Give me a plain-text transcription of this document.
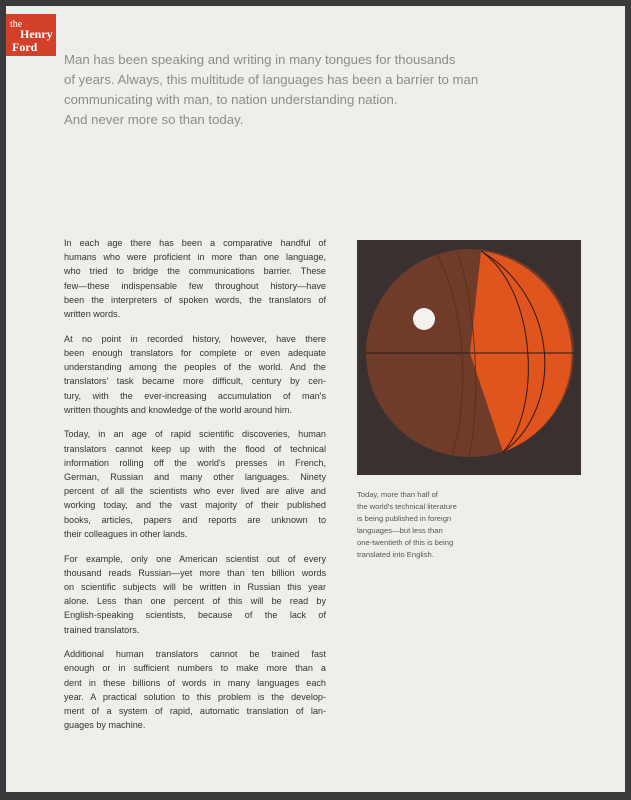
the
Henry
Ford

Man has been speaking and writing in many tongues for thousands
of years. Always, this multitude of languages has been a barrier to man
communicating with man, to nation understanding nation.
And never more so than today.

In each age there has been a comparative handful of
humans who were proficient in more than one language,
who tried to bridge the communications barrier. These
few—these indispensable few throughout history—have
been the interpreters of spoken words, the translators of
written words.

At no point in recorded history, however, have there
been enough translators for complete or even adequate
understanding among the peoples of the world. And the
translators' task became more difficult, century by cen-
tury, with the ever-increasing accumulation of man's
written thoughts and knowledge of the world around him.

Today, in an age of rapid scientific discoveries, human
translators cannot keep up with the flood of technical
information rolling off the world's presses in French,
German, Russian and many other languages. Ninety
percent of all the scientists who ever lived are alive and
working today, and the vast majority of their published
books, articles, papers and reports are unknown to
their colleagues in other lands.

For example, only one American scientist out of every
thousand reads Russian—yet more than ten billion words
on scientific subjects will be written in Russian this year
alone. Less than one percent of this will be read by
English-speaking scientists, because of the lack of
trained translators.

Additional human translators cannot be trained fast
enough or in sufficient numbers to make more than a
dent in these billions of words in many languages each
year. A practical solution to this problem is the develop-
ment of a system of rapid, automatic translation of lan-
guages by machine.

Today, more than half of
the world's technical literature
is being published in foreign
languages—but less than
one-twentieth of this is being
translated into English.
